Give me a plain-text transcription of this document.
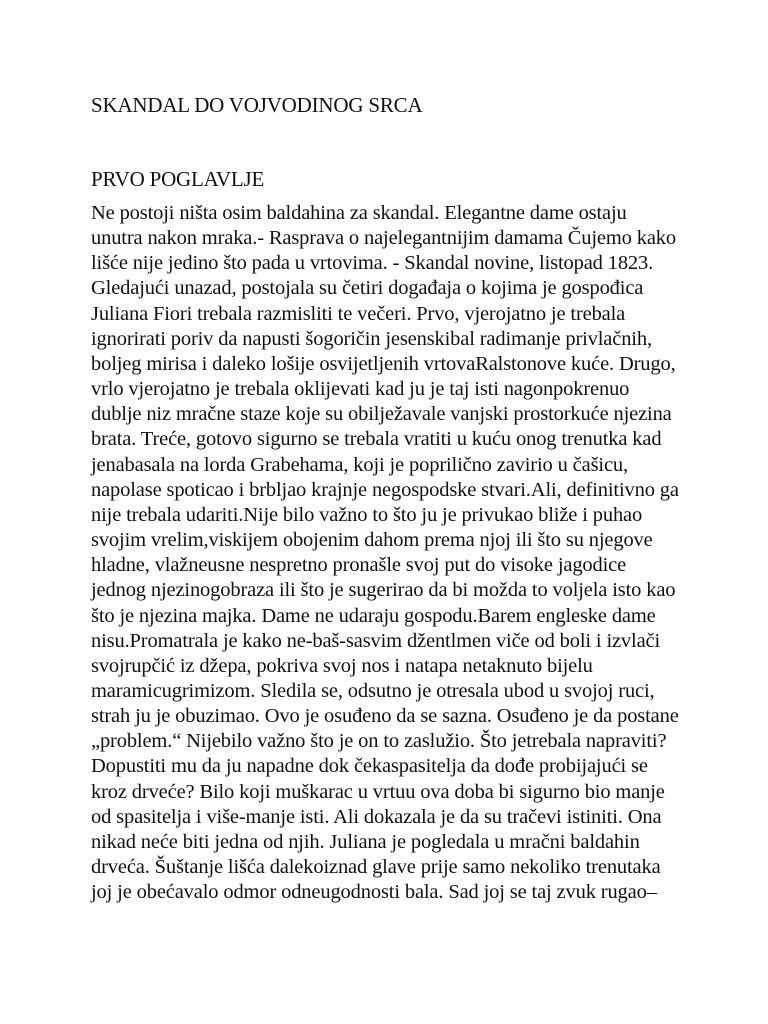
SKANDAL DO VOJVODINOG SRCA
PRVO POGLAVLJE
Ne postoji ništa osim baldahina za skandal. Elegantne dame ostaju
unutra nakon mraka.- Rasprava o najelegantnijim damama Čujemo kako
lišće nije jedino što pada u vrtovima. - Skandal novine, listopad 1823.
Gledajući unazad, postojala su četiri događaja o kojima je gospođica
Juliana Fiori trebala razmisliti te večeri. Prvo, vjerojatno je trebala
ignorirati poriv da napusti šogoričin jesenskibal radimanje privlačnih,
boljeg mirisa i daleko lošije osvijetljenih vrtovaRalstonove kuće. Drugo,
vrlo vjerojatno je trebala oklijevati kad ju je taj isti nagonpokrenuo
dublje niz mračne staze koje su obilježavale vanjski prostorkuće njezina
brata. Treće, gotovo sigurno se trebala vratiti u kuću onog trenutka kad
jenabasala na lorda Grabehama, koji je poprilično zavirio u čašicu,
napolase spoticao i brbljao krajnje negospodske stvari.Ali, definitivno ga
nije trebala udariti.Nije bilo važno to što ju je privukao bliže i puhao
svojim vrelim,viskijem obojenim dahom prema njoj ili što su njegove
hladne, vlažneusne nespretno pronašle svoj put do visoke jagodice
jednog njezinogobraza ili što je sugerirao da bi možda to voljela isto kao
što je njezina majka. Dame ne udaraju gospodu.Barem engleske dame
nisu.Promatrala je kako ne-baš-sasvim džentlmen viče od boli i izvlači
svojrupčić iz džepa, pokriva svoj nos i natapa netaknuto bijelu
maramicugrimizom. Sledila se, odsutno je otresala ubod u svojoj ruci,
strah ju je obuzimao. Ovo je osuđeno da se sazna. Osuđeno je da postane
„problem.“ Nijebilo važno što je on to zaslužio. Što jetrebala napraviti?
Dopustiti mu da ju napadne dok čekaspasitelja da dođe probijajući se
kroz drveće? Bilo koji muškarac u vrtuu ova doba bi sigurno bio manje
od spasitelja i više-manje isti. Ali dokazala je da su tračevi istiniti. Ona
nikad neće biti jedna od njih. Juliana je pogledala u mračni baldahin
drveća. Šuštanje lišća dalekoiznad glave prije samo nekoliko trenutaka
joj je obećavalo odmor odneugodnosti bala. Sad joj se taj zvuk rugao–
